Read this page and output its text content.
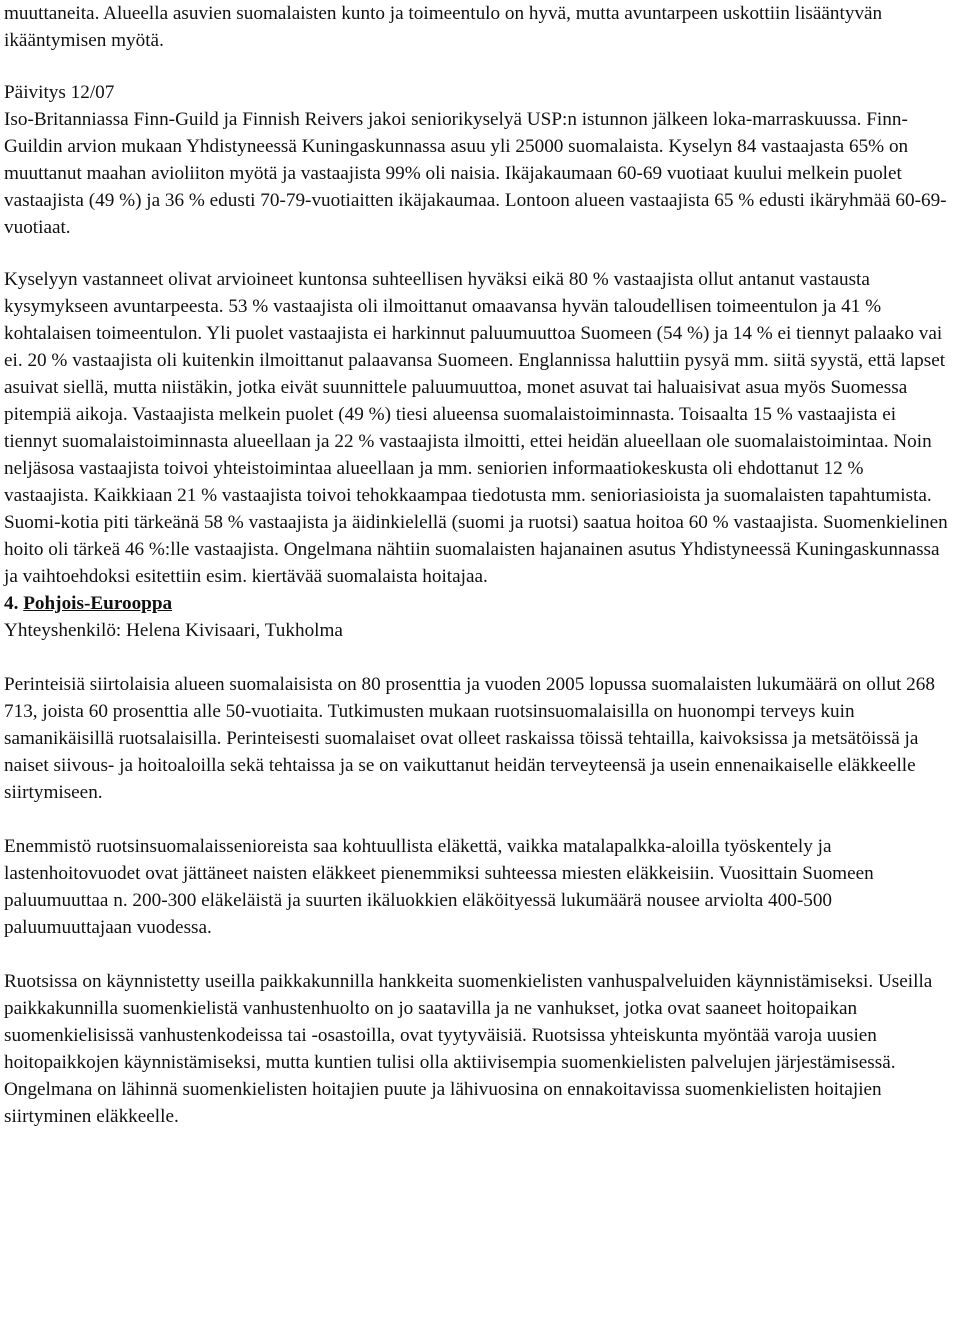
muuttaneita. Alueella asuvien suomalaisten kunto ja toimeentulo on hyvä, mutta avuntarpeen uskottiin lisääntyvän ikääntymisen myötä.

Päivitys 12/07

Iso-Britanniassa Finn-Guild ja Finnish Reivers jakoi seniorikyselyä USP:n istunnon jälkeen loka-marraskuussa. Finn-Guildin arvion mukaan Yhdistyneessä Kuningaskunnassa asuu yli 25000 suomalaista. Kyselyn 84 vastaajasta 65% on muuttanut maahan avioliiton myötä ja vastaajista 99% oli naisia. Ikäjakaumaan 60-69 vuotiaat kuului melkein puolet vastaajista (49 %) ja 36 % edusti 70-79-vuotiaitten ikäjakaumaa. Lontoon alueen vastaajista 65 % edusti ikäryhmää 60-69-vuotiaat.

Kyselyyn vastanneet olivat arvioineet kuntonsa suhteellisen hyväksi eikä 80 % vastaajista ollut antanut vastausta kysymykseen avuntarpeesta. 53 % vastaajista oli ilmoittanut omaavansa hyvän taloudellisen toimeentulon ja 41 % kohtalaisen toimeentulon. Yli puolet vastaajista ei harkinnut paluumuuttoa Suomeen (54 %) ja 14 % ei tiennyt palaako vai ei. 20 % vastaajista oli kuitenkin ilmoittanut palaavansa Suomeen. Englannissa haluttiin pysyä mm. siitä syystä, että lapset asuivat siellä, mutta niistäkin, jotka eivät suunnittele paluumuuttoa, monet asuvat tai haluaisivat asua myös Suomessa pitempiä aikoja. Vastaajista melkein puolet (49 %) tiesi alueensa suomalaistoiminnasta. Toisaalta 15 % vastaajista ei tiennyt suomalaistoiminnasta alueellaan ja 22 % vastaajista ilmoitti, ettei heidän alueellaan ole suomalaistoimintaa. Noin neljäsosa vastaajista toivoi yhteistoimintaa alueellaan ja mm. seniorien informaatiokeskusta oli ehdottanut 12 % vastaajista. Kaikkiaan 21 % vastaajista toivoi tehokkaampaa tiedotusta mm. senioriasioista ja suomalaisten tapahtumista. Suomi-kotia piti tärkeänä 58 % vastaajista ja äidinkielellä (suomi ja ruotsi) saatua hoitoa 60 % vastaajista. Suomenkielinen hoito oli tärkeä 46 %:lle vastaajista. Ongelmana nähtiin suomalaisten hajanainen asutus Yhdistyneessä Kuningaskunnassa ja vaihtoehdoksi esitettiin esim. kiertävää suomalaista hoitajaa.

4. Pohjois-Eurooppa

Yhteyshenkilö: Helena Kivisaari, Tukholma

Perinteisiä siirtolaisia alueen suomalaisista on 80 prosenttia ja vuoden 2005 lopussa suomalaisten lukumäärä on ollut 268 713, joista 60 prosenttia alle 50-vuotiaita. Tutkimusten mukaan ruotsinsuomalaisilla on huonompi terveys kuin samanikäisillä ruotsalaisilla. Perinteisesti suomalaiset ovat olleet raskaissa töissä tehtailla, kaivoksissa ja metsätöissä ja naiset siivous- ja hoitoaloilla sekä tehtaissa ja se on vaikuttanut heidän terveyteensä ja usein ennenaikaiselle eläkkeelle siirtymiseen.

Enemmistö ruotsinsuomalaissenioreista saa kohtuullista eläkettä, vaikka matalapalkka-aloilla työskentely ja lastenhoitovuodet ovat jättäneet naisten eläkkeet pienemmiksi suhteessa miesten eläkkeisiin. Vuosittain Suomeen paluumuuttaa n. 200-300 eläkeläistä ja suurten ikäluokkien eläköityessä lukumäärä nousee arviolta 400-500 paluumuuttajaan vuodessa.

Ruotsissa on käynnistetty useilla paikkakunnilla hankkeita suomenkielisten vanhuspalveluiden käynnistämiseksi. Useilla paikkakunnilla suomenkielistä vanhustenhuolto on jo saatavilla ja ne vanhukset, jotka ovat saaneet hoitopaikan suomenkielisissä vanhustenkodeissa tai -osastoilla, ovat tyytyväisiä. Ruotsissa yhteiskunta myöntää varoja uusien hoitopaikkojen käynnistämiseksi, mutta kuntien tulisi olla aktiivisempia suomenkielisten palvelujen järjestämisessä. Ongelmana on lähinnä suomenkielisten hoitajien puute ja lähivuosina on ennakoitavissa suomenkielisten hoitajien siirtyminen eläkkeelle.
